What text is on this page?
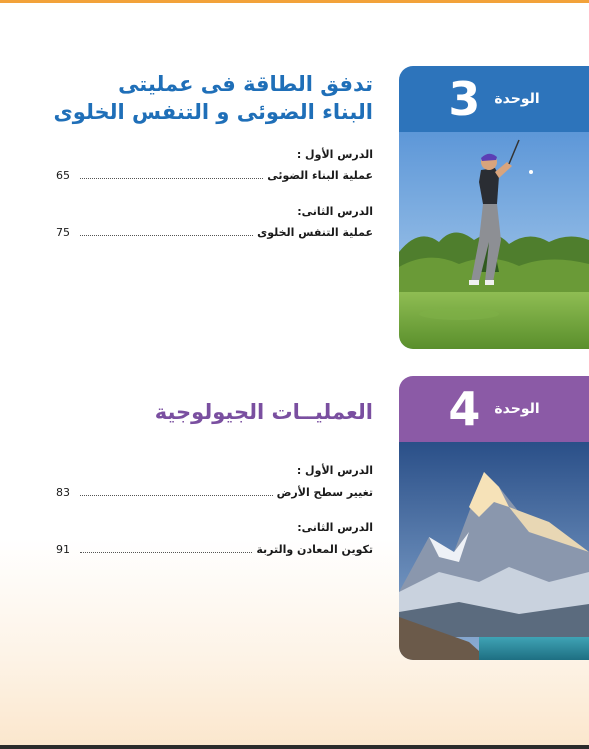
تدفق الطاقة فى عمليتى
البناء الضوئى و التنفس الخلوى
الوحدة
3
الدرس الأول :
عملية البناء الضوئى
65
الدرس الثانى:
عملية التنفس الخلوى
75
العمليــات الجيولوجية	الوحدة
4
الدرس الأول :
تغيير سطح الأرض
83
الدرس الثانى:
تكوين المعادن والتربة
91
